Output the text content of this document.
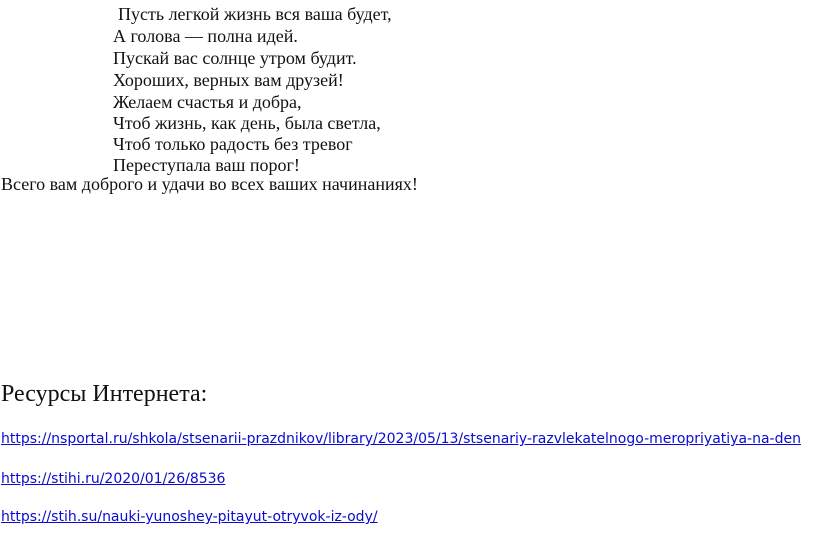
Пусть легкой жизнь вся ваша будет,
А голова — полна идей.
Пускай вас солнце утром будит.
Хороших, верных вам друзей!
Желаем счастья и добра,
Чтоб жизнь, как день, была светла,
Чтоб только радость без тревог
Переступала ваш порог!
Всего вам доброго и удачи во всех ваших начинаниях!
Ресурсы Интернета:
https://nsportal.ru/shkola/stsenarii-prazdnikov/library/2023/05/13/stsenariy-razvlekatelnogo-meropriyatiya-na-den
https://stihi.ru/2020/01/26/8536
https://stih.su/nauki-yunoshey-pitayut-otryvok-iz-ody/
